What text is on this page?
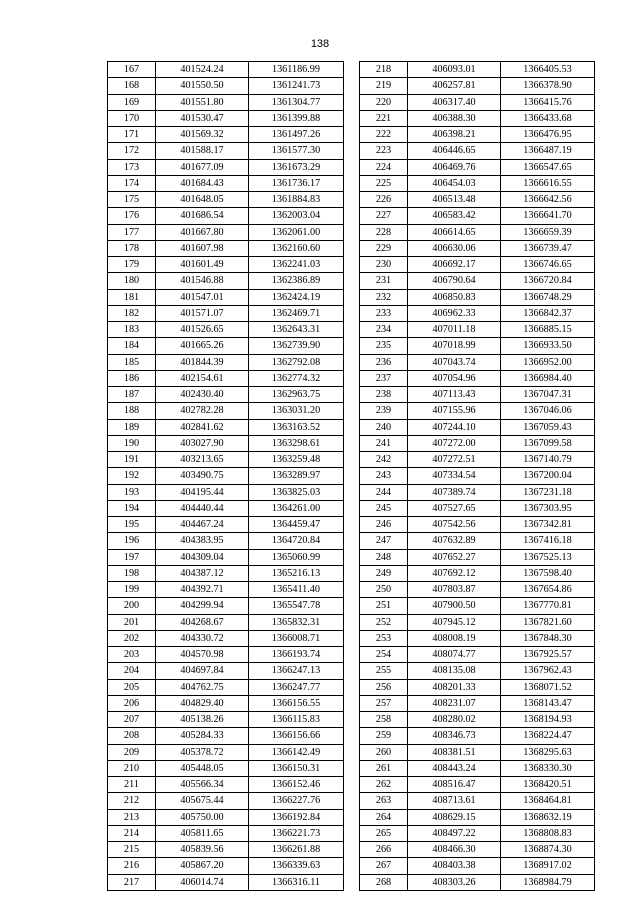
138
167	401524.24	1361186.99
168	401550.50	1361241.73
169	401551.80	1361304.77
170	401530.47	1361399.88
171	401569.32	1361497.26
172	401588.17	1361577.30
173	401677.09	1361673.29
174	401684.43	1361736.17
175	401648.05	1361884.83
176	401686.54	1362003.04
177	401667.80	1362061.00
178	401607.98	1362160.60
179	401601.49	1362241.03
180	401546.88	1362386.89
181	401547.01	1362424.19
182	401571.07	1362469.71
183	401526.65	1362643.31
184	401665.26	1362739.90
185	401844.39	1362792.08
186	402154.61	1362774.32
187	402430.40	1362963.75
188	402782.28	1363031.20
189	402841.62	1363163.52
190	403027.90	1363298.61
191	403213.65	1363259.48
192	403490.75	1363289.97
193	404195.44	1363825.03
194	404440.44	1364261.00
195	404467.24	1364459.47
196	404383.95	1364720.84
197	404309.04	1365060.99
198	404387.12	1365216.13
199	404392.71	1365411.40
200	404299.94	1365547.78
201	404268.67	1365832.31
202	404330.72	1366008.71
203	404570.98	1366193.74
204	404697.84	1366247.13
205	404762.75	1366247.77
206	404829.40	1366156.55
207	405138.26	1366115.83
208	405284.33	1366156.66
209	405378.72	1366142.49
210	405448.05	1366150.31
211	405566.34	1366152.46
212	405675.44	1366227.76
213	405750.00	1366192.84
214	405811.65	1366221.73
215	405839.56	1366261.88
216	405867.20	1366339.63
217	406014.74	1366316.11
218	406093.01	1366405.53
219	406257.81	1366378.90
220	406317.40	1366415.76
221	406388.30	1366433.68
222	406398.21	1366476.95
223	406446.65	1366487.19
224	406469.76	1366547.65
225	406454.03	1366616.55
226	406513.48	1366642.56
227	406583.42	1366641.70
228	406614.65	1366659.39
229	406630.06	1366739.47
230	406692.17	1366746.65
231	406790.64	1366720.84
232	406850.83	1366748.29
233	406962.33	1366842.37
234	407011.18	1366885.15
235	407018.99	1366933.50
236	407043.74	1366952.00
237	407054.96	1366984.40
238	407113.43	1367047.31
239	407155.96	1367046.06
240	407244.10	1367059.43
241	407272.00	1367099.58
242	407272.51	1367140.79
243	407334.54	1367200.04
244	407389.74	1367231.18
245	407527.65	1367303.95
246	407542.56	1367342.81
247	407632.89	1367416.18
248	407652.27	1367525.13
249	407692.12	1367598.40
250	407803.87	1367654.86
251	407900.50	1367770.81
252	407945.12	1367821.60
253	408008.19	1367848.30
254	408074.77	1367925.57
255	408135.08	1367962.43
256	408201.33	1368071.52
257	408231.07	1368143.47
258	408280.02	1368194.93
259	408346.73	1368224.47
260	408381.51	1368295.63
261	408443.24	1368330.30
262	408516.47	1368420.51
263	408713.61	1368464.81
264	408629.15	1368632.19
265	408497.22	1368808.83
266	408466.30	1368874.30
267	408403.38	1368917.02
268	408303.26	1368984.79
